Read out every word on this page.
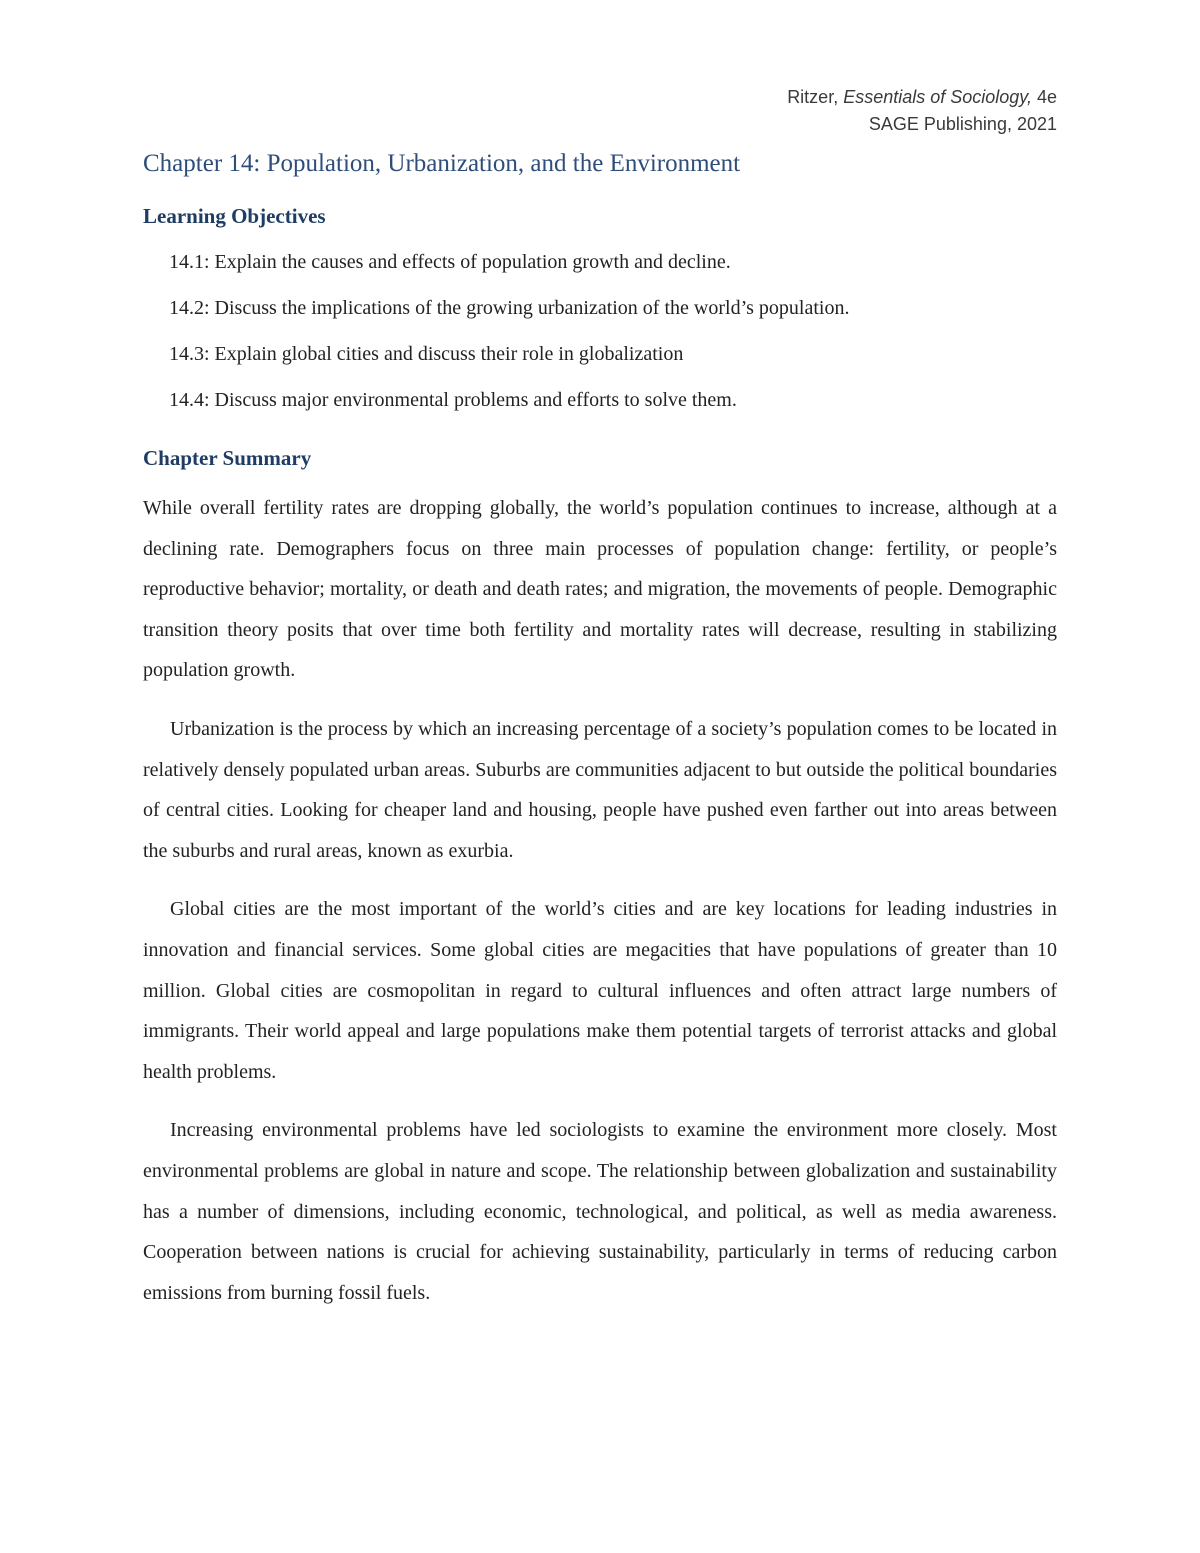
Ritzer, Essentials of Sociology, 4e
SAGE Publishing, 2021
Chapter 14: Population, Urbanization, and the Environment
Learning Objectives
14.1: Explain the causes and effects of population growth and decline.
14.2: Discuss the implications of the growing urbanization of the world’s population.
14.3: Explain global cities and discuss their role in globalization
14.4: Discuss major environmental problems and efforts to solve them.
Chapter Summary

While overall fertility rates are dropping globally, the world’s population continues to increase, although at a declining rate. Demographers focus on three main processes of population change: fertility, or people’s reproductive behavior; mortality, or death and death rates; and migration, the movements of people. Demographic transition theory posits that over time both fertility and mortality rates will decrease, resulting in stabilizing population growth.

Urbanization is the process by which an increasing percentage of a society’s population comes to be located in relatively densely populated urban areas. Suburbs are communities adjacent to but outside the political boundaries of central cities. Looking for cheaper land and housing, people have pushed even farther out into areas between the suburbs and rural areas, known as exurbia.

Global cities are the most important of the world’s cities and are key locations for leading industries in innovation and financial services. Some global cities are megacities that have populations of greater than 10 million. Global cities are cosmopolitan in regard to cultural influences and often attract large numbers of immigrants. Their world appeal and large populations make them potential targets of terrorist attacks and global health problems.

Increasing environmental problems have led sociologists to examine the environment more closely. Most environmental problems are global in nature and scope. The relationship between globalization and sustainability has a number of dimensions, including economic, technological, and political, as well as media awareness. Cooperation between nations is crucial for achieving sustainability, particularly in terms of reducing carbon emissions from burning fossil fuels.
